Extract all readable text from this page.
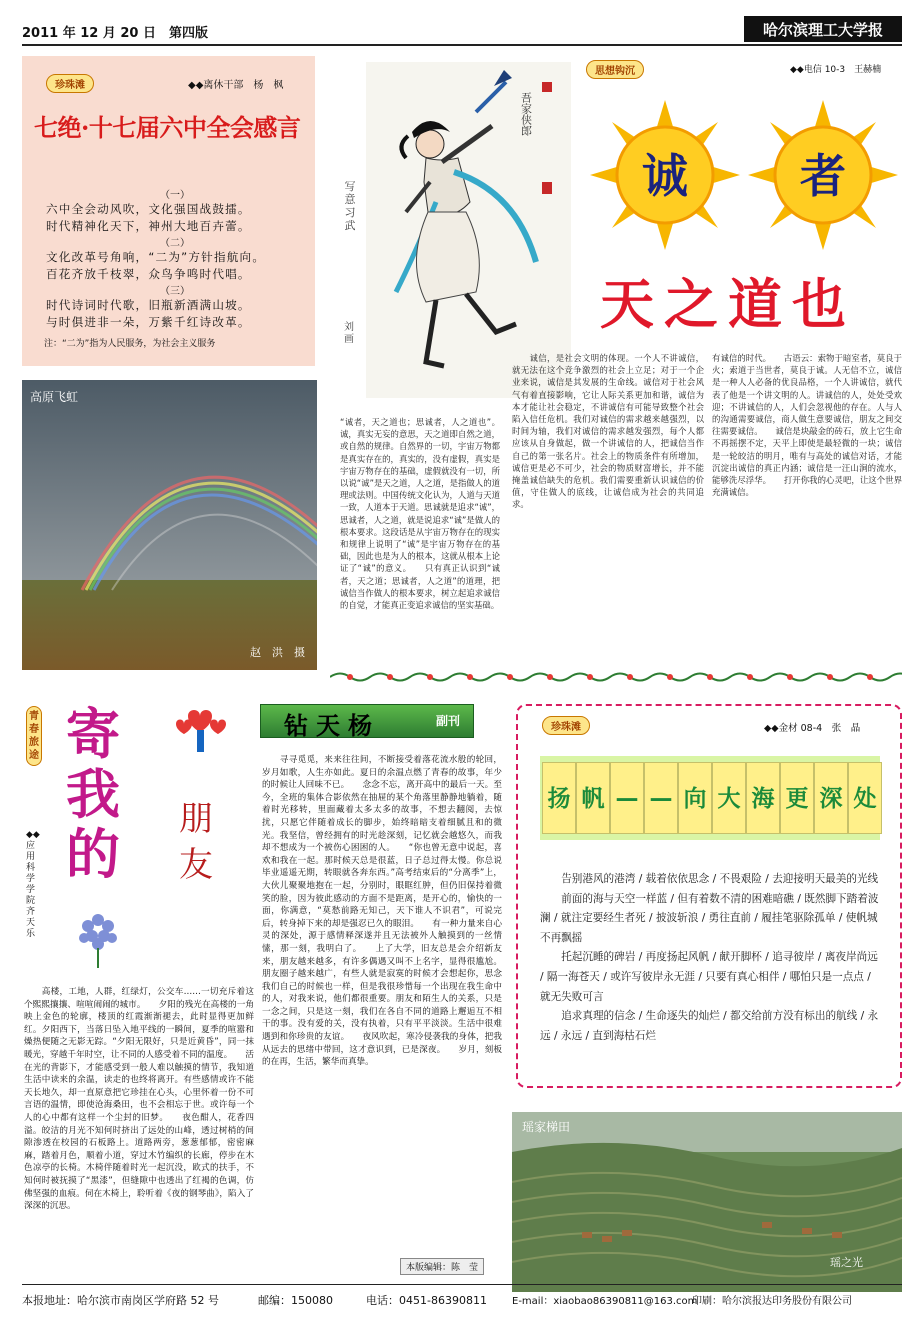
2011 年 12 月 20 日　第四版	哈尔滨理工大学报
珍珠滩	◆◆离休干部　杨　枫
七绝·十七届六中全会感言
（一）
六中全会动风吹，文化强国战鼓擂。
时代精神化天下，神州大地百卉蕾。
（二）
文化改革号角响，“二为”方针指航向。
百花齐放千枝翠，众鸟争鸣时代唱。
（三）
时代诗词时代歌，旧瓶新酒满山坡。
与时俱进非一朵，万紫千红诗改革。
注：“二为”指为人民服务，为社会主义服务
写意 习武
刘 画
吾家侠郎
高原飞虹
赵　洪　摄
思想钩沉	◆◆电信 10-3　王赫楠
诚 者
天之道也
“诚者，天之道也；思诚者，人之道也”。诚，真实无妄的意思，天之道即自然之道，或自然的规律。自然界的一切，宇宙万物都是真实存在的，真实的，没有虚假，真实是宇宙万物存在的基础，虚假就没有一切，所以说“诚”是天之道，人之道，是指做人的道理或法则。中国传统文化认为，人道与天道一致，人道本于天道。思诚就是追求“诚”，思诚者，人之道，就是说追求“诚”是做人的根本要求。这段话是从宇宙万物存在的现实和规律上说明了“诚”是宇宙万物存在的基础，因此也是为人的根本，这就从根本上论证了“诚”的意义。　　只有真正认识到“诚者，天之道；思诚者，人之道”的道理，把诚信当作做人的根本要求，树立起追求诚信的自觉，才能真正变追求诚信的坚实基础。
　　诚信，是社会文明的体现。一个人不讲诚信，就无法在这个竞争激烈的社会上立足；对于一个企业来说，诚信是其发展的生命线。诚信对于社会风气有着直接影响，它让人际关系更加和谐，诚信为本才能让社会稳定，不讲诚信有可能导致整个社会陷入信任危机。我们对诚信的需求越来越强烈，以时间为轴，我们对诚信的需求越发强烈，每个人都应该从自身做起，做一个讲诚信的人，把诚信当作自己的第一张名片。社会上的物质条件有所增加，诚信更是必不可少，社会的物质财富增长，并不能掩盖诚信缺失的危机。我们需要重新认识诚信的价值，守住做人的底线，让诚信成为社会的共同追求。
有诚信的时代。　　古语云：索物于暗室者，莫良于火；索道于当世者，莫良于诚。人无信不立，诚信是一种人人必备的优良品格，一个人讲诚信，就代表了他是一个讲文明的人。讲诚信的人，处处受欢迎；不讲诚信的人，人们会忽视他的存在。人与人的沟通需要诚信，商人做生意要诚信，朋友之间交往需要诚信。　　诚信是块敲金的砖石，放上它生命不再摇摆不定，天平上即使是最轻微的一块；诚信是一轮皎洁的明月，唯有与高处的诚信对话，才能沉淀出诚信的真正内涵；诚信是一汪山涧的流水，能够洗尽浮华。　　打开你我的心灵吧，让这个世界充满诚信。
青春旅途 寄我的
朋友
◆◆应用科学学院　齐天乐
　　高楼，工地，人群，红绿灯，公交车……一切充斥着这个熙熙攘攘、喧喧闹闹的城市。　　夕阳的残光在高楼的一角映上金色的轮廓，楼顶的红霞渐渐褪去，此时显得更加鲜红。夕阳西下，当落日坠入地平线的一瞬间，夏季的喧嚣和燥热便随之无影无踪。“夕阳无限好，只是近黄昏”，同一抹暖光，穿越千年时空，让不同的人感受着不同的温度。　　活在光的背影下，才能感受到一般人难以触摸的情节，我知道生活中读来的余温，读走的也终将离开。有些感情或许不能天长地久，却一直原意把它珍挂在心头，心里怀着一份不可言语的温情，即使沧海桑田，也不会相忘于世。或许每一个人的心中都有这样一个尘封的旧梦。　　夜色酣人，花香四溢。皎洁的月光不知何时挤出了远处的山峰，透过树梢的间隙渗透在校园的石板路上。道路两旁，葱葱郁郁，密密麻麻，踏着月色，顺着小道，穿过木竹编织的长廊，停步在木色凉亭的长椅。木椅伴随着时光一起沉没，欧式的扶手，不知何时被抚摸了“黑漆”，但缝隙中也透出了红褐的色调，仿佛坚强的血痕。伺在木椅上，聆听着《夜的钢琴曲》，陷入了深深的沉思。
钻天杨	副刊
　　寻寻觅觅，来来往往间，不断接受着落花流水般的轮回，岁月如歌，人生亦如此。夏日的余温点燃了青春的故事，年少的时候让人回味不已。　　念念不忘，离开高中的最后一天。至今，全班的集体合影依然在抽屉的某个角落里静静地躺着，随着时光移转，里面藏着太多太多的故事，不想去翻阅，去惊扰，只愿它伴随着成长的脚步，始终暗暗支着细腻且和的微光。我坚信，曾经拥有的时光趁深刻，记忆就会越悠久，而我却不想成为一个被伤心困困的人。　　“你也曾无意中说起，喜欢和我在一起。那时候天总是很蓝，日子总过得太慢。你总说毕业遥遥无期，转眼就各奔东西。”高考结束后的“分离季”上，大伙儿聚聚地抱在一起，分别时，眼眶红肿，但仍旧保持着微笑的脸，因为彼此感动的方面不是距离，是开心的，愉快的一面，你满意，“莫愁前路无知己，天下谁人不识君”，可说完后，转身掉下来的却是强忍已久的眼泪。　　有一种力量来自心灵的深处，源于感情释深遂并且无法被外人触摸到的一丝情愫，那一刻，我明白了。　　上了大学，旧友总是会介绍新友来，朋友越来越多，有许多偶遇又叫不上名字，显得很尴尬。朋友圈子越来越广，有些人就是寂寞的时候才会想起你，思念我们自己的时候也一样，但是我很珍惜每一个出现在我生命中的人，对我来说，他们都很重要。朋友和陌生人的关系，只是一念之间，只是这一刻，我们在各自不同的道路上邂逅互不相干的事。没有爱的关，没有执着，只有平平淡淡。生活中很难遇到和你珍贵的友谊。　　夜风吹起，寒冷侵袭我的身体，把我从远去的思绪中带回，这才意识到，已是深夜。　　岁月，刻板的在再，生活，繁华而真挚。
本版编辑：陈　莹
珍珠滩	◆◆金材 08-4　张　晶
扬 帆 — — 向 大 海 更 深 处

告别港风的港湾 / 载着依依思念 / 不畏艰险 / 去迎接明天最美的光线

前面的海与天空一样蓝 / 但有着数不清的困难暗礁 / 既然脚下踏着波澜 / 就注定要经生者死 / 披波斩浪 / 勇往直前 / 履挂笔驱除孤单 / 使帆城不再飘摇

托起沉睡的碑岩 / 再度扬起风帆 / 献开脚杯 / 追寻彼岸 / 离夜岸尚远 / 隔一海苍天 / 或许写彼岸永无涯 / 只要有真心相伴 / 哪怕只是一点点 / 就无失败可言

追求真理的信念 / 生命逐失的灿烂 / 都交给前方没有标出的航线 / 永远 / 永远 / 直到海枯石烂

瑶家梯田
瑶之光
本报地址：哈尔滨市南岗区学府路 52 号	邮编：150080	电话：0451-86390811	E-mail：xiaobao86390811@163.com
印刷：哈尔滨报达印务股份有限公司
